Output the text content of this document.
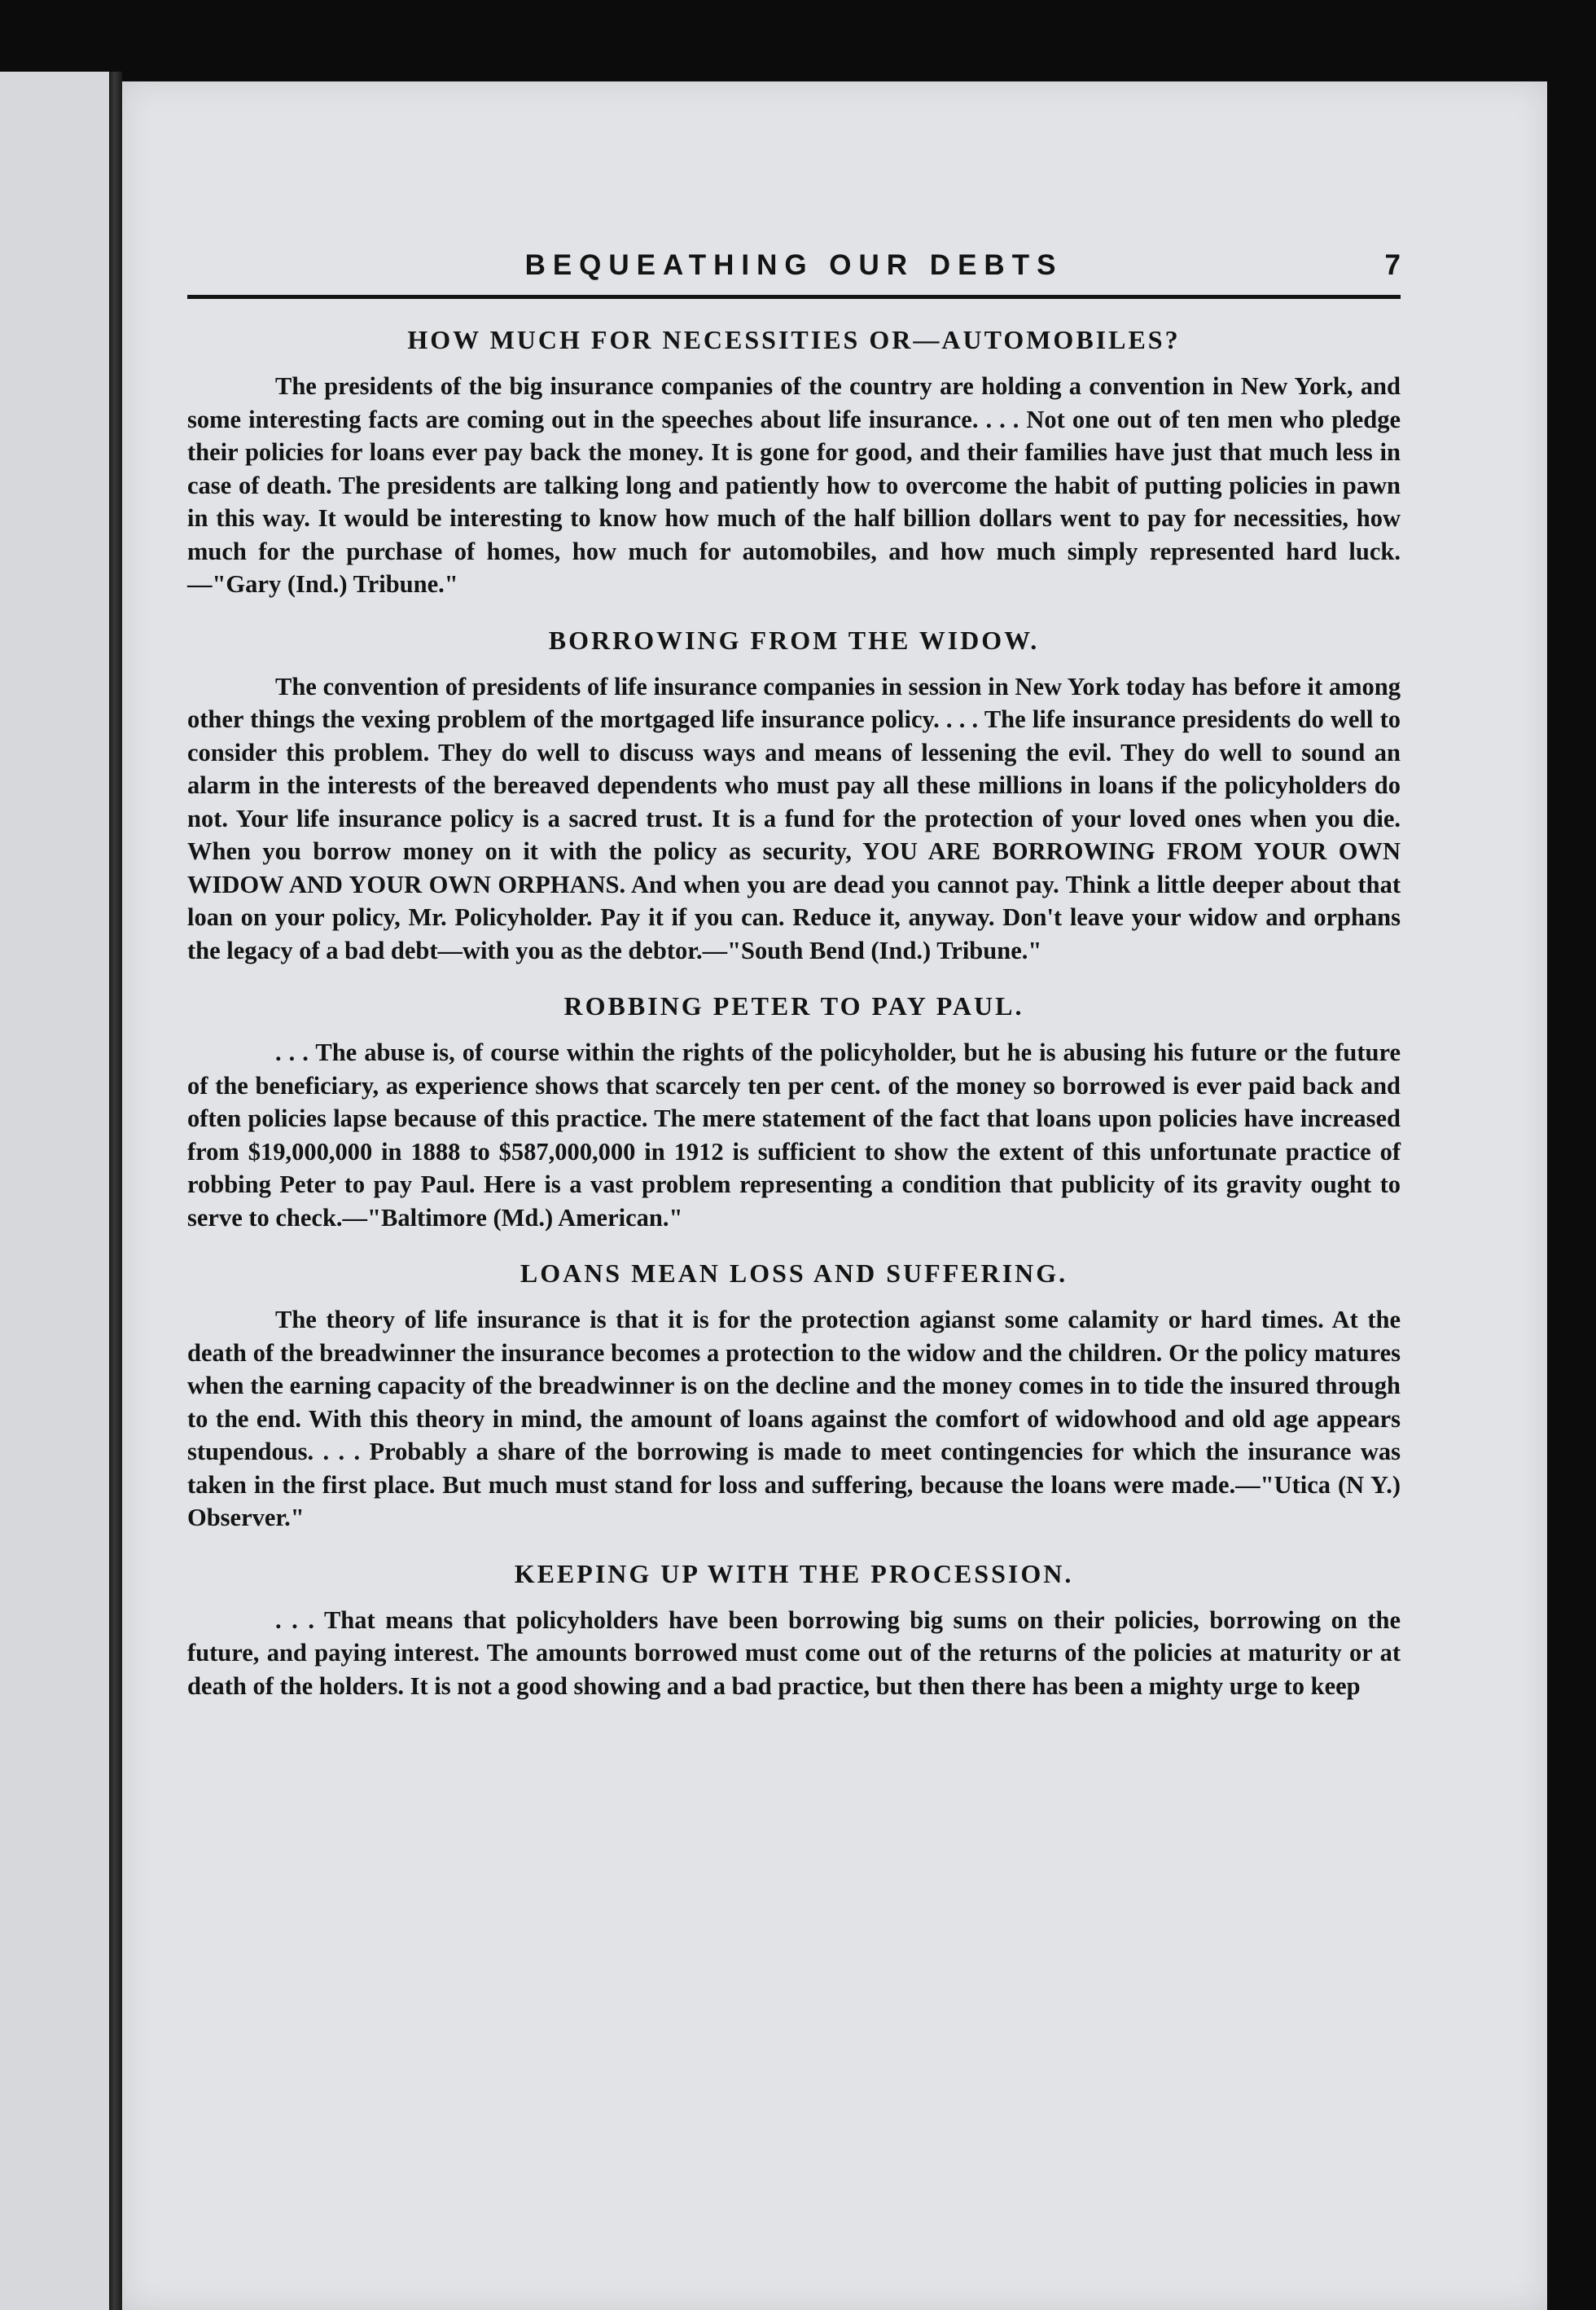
BEQUEATHING OUR DEBTS	7
HOW MUCH FOR NECESSITIES OR—AUTOMOBILES?

The presidents of the big insurance companies of the country are holding a convention in New York, and some interesting facts are coming out in the speeches about life insurance. . . . Not one out of ten men who pledge their policies for loans ever pay back the money. It is gone for good, and their families have just that much less in case of death. The presidents are talking long and patiently how to overcome the habit of putting policies in pawn in this way. It would be interesting to know how much of the half billion dollars went to pay for necessities, how much for the purchase of homes, how much for automobiles, and how much simply represented hard luck.—"Gary (Ind.) Tribune."

BORROWING FROM THE WIDOW.

The convention of presidents of life insurance companies in session in New York today has before it among other things the vexing problem of the mortgaged life insurance policy. . . . The life insurance presidents do well to consider this problem. They do well to discuss ways and means of lessening the evil. They do well to sound an alarm in the interests of the bereaved dependents who must pay all these millions in loans if the policyholders do not. Your life insurance policy is a sacred trust. It is a fund for the protection of your loved ones when you die. When you borrow money on it with the policy as security, YOU ARE BORROWING FROM YOUR OWN WIDOW AND YOUR OWN ORPHANS. And when you are dead you cannot pay. Think a little deeper about that loan on your policy, Mr. Policyholder. Pay it if you can. Reduce it, anyway. Don't leave your widow and orphans the legacy of a bad debt—with you as the debtor.—"South Bend (Ind.) Tribune."

ROBBING PETER TO PAY PAUL.

. . . The abuse is, of course within the rights of the policyholder, but he is abusing his future or the future of the beneficiary, as experience shows that scarcely ten per cent. of the money so borrowed is ever paid back and often policies lapse because of this practice. The mere statement of the fact that loans upon policies have increased from $19,000,000 in 1888 to $587,000,000 in 1912 is sufficient to show the extent of this unfortunate practice of robbing Peter to pay Paul. Here is a vast problem representing a condition that publicity of its gravity ought to serve to check.—"Baltimore (Md.) American."

LOANS MEAN LOSS AND SUFFERING.

The theory of life insurance is that it is for the protection agianst some calamity or hard times. At the death of the breadwinner the insurance becomes a protection to the widow and the children. Or the policy matures when the earning capacity of the breadwinner is on the decline and the money comes in to tide the insured through to the end. With this theory in mind, the amount of loans against the comfort of widowhood and old age appears stupendous. . . . Probably a share of the borrowing is made to meet contingencies for which the insurance was taken in the first place. But much must stand for loss and suffering, because the loans were made.—"Utica (N Y.) Observer."

KEEPING UP WITH THE PROCESSION.

. . . That means that policyholders have been borrowing big sums on their policies, borrowing on the future, and paying interest. The amounts borrowed must come out of the returns of the policies at maturity or at death of the holders. It is not a good showing and a bad practice, but then there has been a mighty urge to keep
